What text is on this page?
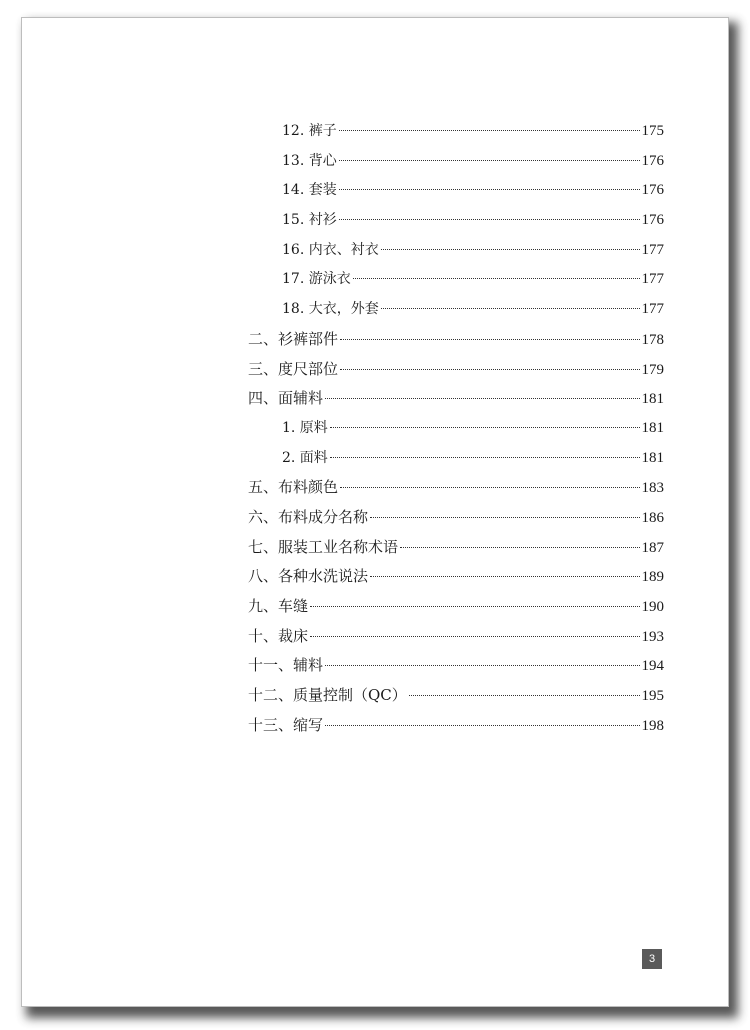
12. 裤子	175
13. 背心	176
14. 套装	176
15. 衬衫	176
16. 内衣、衬衣	177
17. 游泳衣	177
18. 大衣，外套	177
二、衫裤部件	178
三、度尺部位	179
四、面辅料	181
1. 原料	181
2. 面料	181
五、布料颜色	183
六、布料成分名称	186
七、服装工业名称术语	187
八、各种水洗说法	189
九、车缝	190
十、裁床	193
十一、辅料	194
十二、质量控制（QC）	195
十三、缩写	198
3
